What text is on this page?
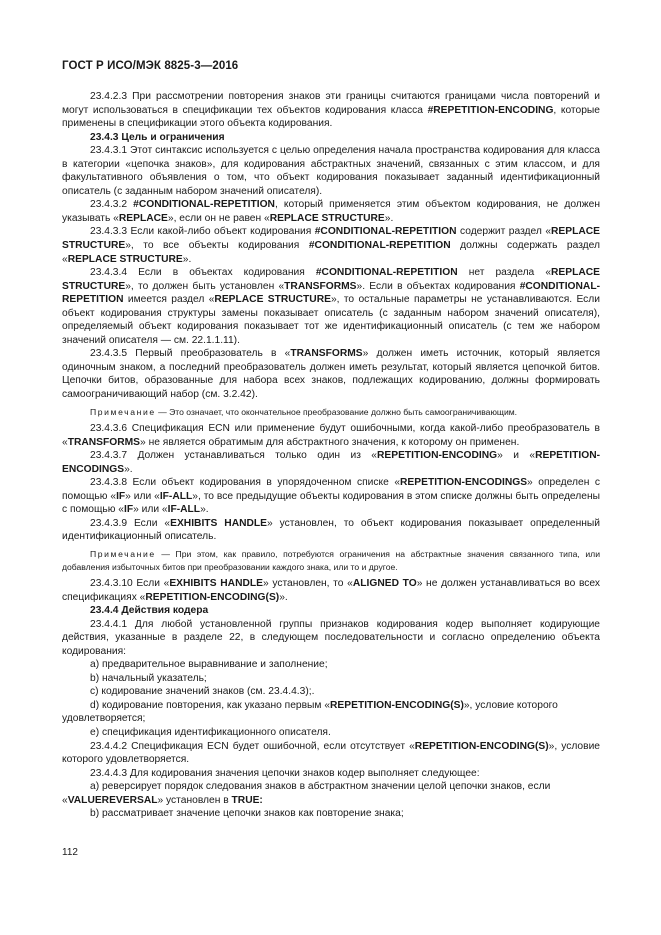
ГОСТ Р ИСО/МЭК 8825-3—2016

23.4.2.3 При рассмотрении повторения знаков эти границы считаются границами числа повторений и могут использоваться в спецификации тех объектов кодирования класса #REPETITION-ENCODING, которые применены в спецификации этого объекта кодирования.

23.4.3 Цель и ограничения

23.4.3.1 Этот синтаксис используется с целью определения начала пространства кодирования для класса в категории «цепочка знаков», для кодирования абстрактных значений, связанных с этим классом, и для факультативного объявления о том, что объект кодирования показывает заданный идентификационный описатель (с заданным набором значений описателя).

23.4.3.2 #CONDITIONAL-REPETITION, который применяется этим объектом кодирования, не должен указывать «REPLACE», если он не равен «REPLACE STRUCTURE».

23.4.3.3 Если какой-либо объект кодирования #CONDITIONAL-REPETITION содержит раздел «REPLACE STRUCTURE», то все объекты кодирования #CONDITIONAL-REPETITION должны содержать раздел «REPLACE STRUCTURE».

23.4.3.4 Если в объектах кодирования #CONDITIONAL-REPETITION нет раздела «REPLACE STRUCTURE», то должен быть установлен «TRANSFORMS». Если в объектах кодирования #CONDITIONAL-REPETITION имеется раздел «REPLACE STRUCTURE», то остальные параметры не устанавливаются. Если объект кодирования структуры замены показывает описатель (с заданным набором значений описателя), определяемый объект кодирования показывает тот же идентификационный описатель (с тем же набором значений описателя — см. 22.1.1.11).

23.4.3.5 Первый преобразователь в «TRANSFORMS» должен иметь источник, который является одиночным знаком, а последний преобразователь должен иметь результат, который является цепочкой битов. Цепочки битов, образованные для набора всех знаков, подлежащих кодированию, должны формировать самоограничивающий набор (см. 3.2.42).

Примечание — Это означает, что окончательное преобразование должно быть самоограничивающим.

23.4.3.6 Спецификация ECN или применение будут ошибочными, когда какой-либо преобразователь в «TRANSFORMS» не является обратимым для абстрактного значения, к которому он применен.

23.4.3.7 Должен устанавливаться только один из «REPETITION-ENCODING» и «REPETITION-ENCODINGS».

23.4.3.8 Если объект кодирования в упорядоченном списке «REPETITION-ENCODINGS» определен с помощью «IF» или «IF-ALL», то все предыдущие объекты кодирования в этом списке должны быть определены с помощью «IF» или «IF-ALL».

23.4.3.9 Если «EXHIBITS HANDLE» установлен, то объект кодирования показывает определенный идентификационный описатель.

Примечание — При этом, как правило, потребуются ограничения на абстрактные значения связанного типа, или добавления избыточных битов при преобразовании каждого знака, или то и другое.

23.4.3.10 Если «EXHIBITS HANDLE» установлен, то «ALIGNED TO» не должен устанавливаться во всех спецификациях «REPETITION-ENCODING(S)».

23.4.4 Действия кодера

23.4.4.1 Для любой установленной группы признаков кодирования кодер выполняет кодирующие действия, указанные в разделе 22, в следующем последовательности и согласно определению объекта кодирования:

a) предварительное выравнивание и заполнение;

b) начальный указатель;

c) кодирование значений знаков (см. 23.4.4.3);.

d) кодирование повторения, как указано первым «REPETITION-ENCODING(S)», условие которого удовлетворяется;

e) спецификация идентификационного описателя.

23.4.4.2 Спецификация ECN будет ошибочной, если отсутствует «REPETITION-ENCODING(S)», условие которого удовлетворяется.

23.4.4.3 Для кодирования значения цепочки знаков кодер выполняет следующее:

a) реверсирует порядок следования знаков в абстрактном значении целой цепочки знаков, если «VALUEREVERSAL» установлен в TRUE:

b) рассматривает значение цепочки знаков как повторение знака;

112
